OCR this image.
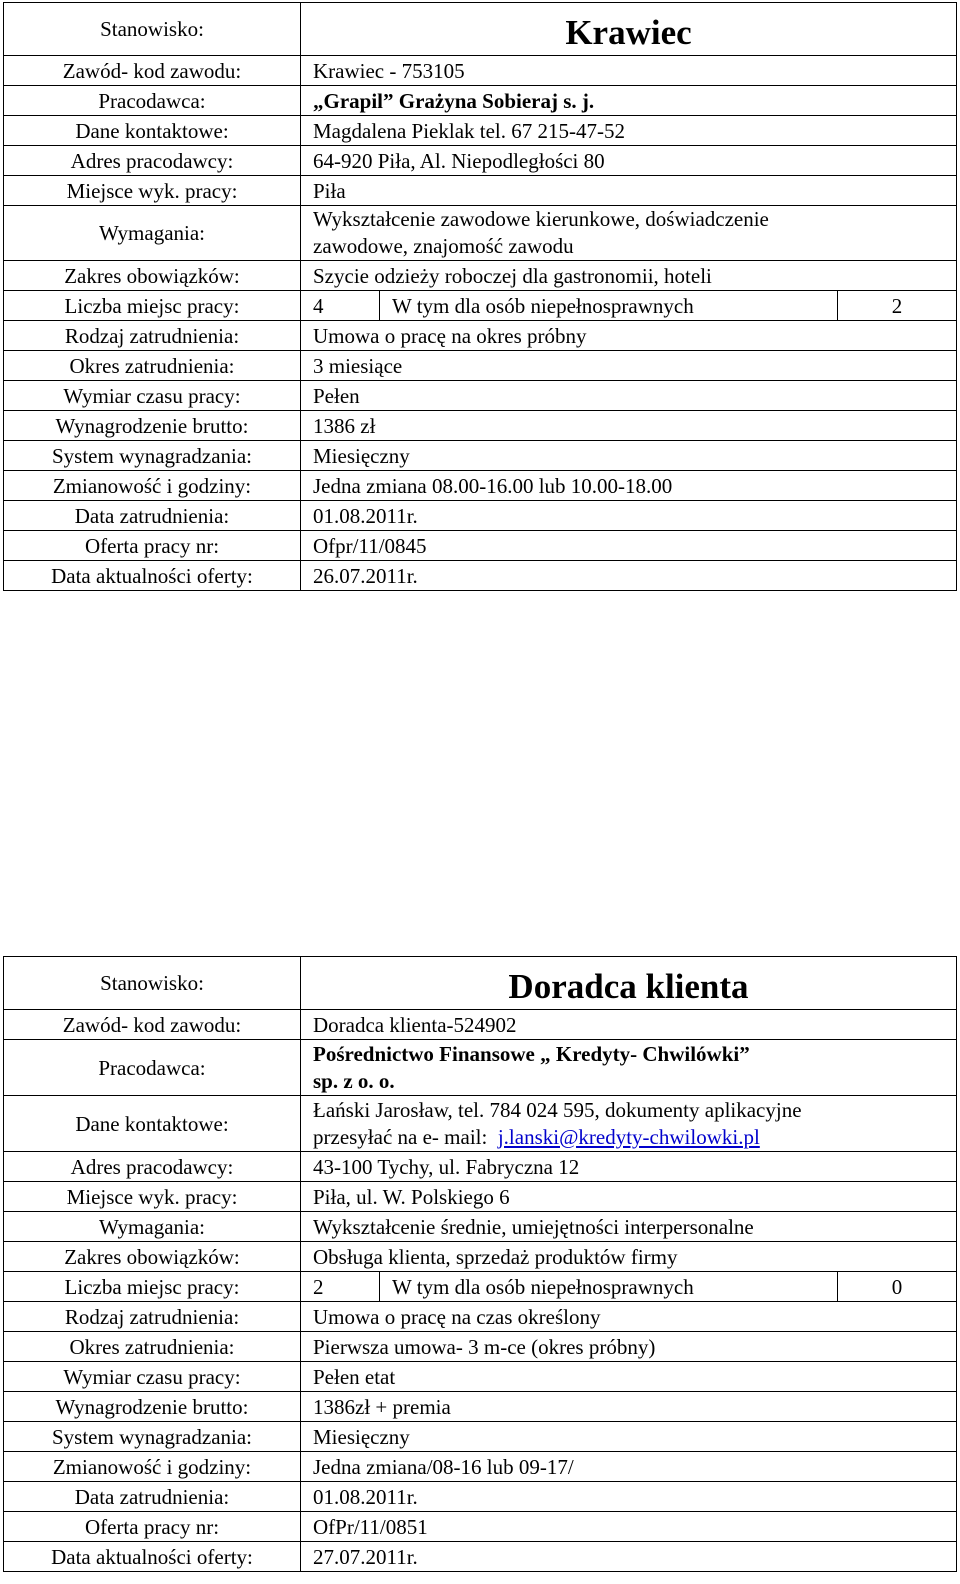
Stanowisko:	Krawiec
Zawód- kod zawodu:	Krawiec - 753105
Pracodawca:	„Grapil” Grażyna Sobieraj s. j.
Dane kontaktowe:	Magdalena Pieklak tel. 67 215-47-52
Adres pracodawcy:	64-920 Piła, Al. Niepodległości 80
Miejsce wyk. pracy:	Piła
Wymagania:	
Wykształcenie zawodowe kierunkowe, doświadczenie
zawodowe, znajomość zawodu

Zakres obowiązków:	Szycie odzieży roboczej dla gastronomii, hoteli
Liczba miejsc pracy:		4	W tym dla osób niepełnosprawnych	2

Rodzaj zatrudnienia:	Umowa o pracę na okres próbny
Okres zatrudnienia:	3 miesiące
Wymiar czasu pracy:	Pełen
Wynagrodzenie brutto:	1386 zł
System wynagradzania:	Miesięczny
Zmianowość i godziny:	Jedna zmiana 08.00-16.00 lub 10.00-18.00
Data zatrudnienia:	01.08.2011r.
Oferta pracy nr:	Ofpr/11/0845
Data aktualności oferty:	26.07.2011r.
Stanowisko:	Doradca klienta
Zawód- kod zawodu:	Doradca klienta-524902
Pracodawca:	
Pośrednictwo Finansowe „ Kredyty- Chwilówki”
sp. z o. o.

Dane kontaktowe:	
Łański Jarosław, tel. 784 024 595, dokumenty aplikacyjne
przesyłać na e- mail: j.lanski@kredyty-chwilowki.pl

Adres pracodawcy:	43-100 Tychy, ul. Fabryczna 12
Miejsce wyk. pracy:	Piła, ul. W. Polskiego 6
Wymagania:	Wykształcenie średnie, umiejętności interpersonalne
Zakres obowiązków:	Obsługa klienta, sprzedaż produktów firmy
Liczba miejsc pracy:		2	W tym dla osób niepełnosprawnych	0

Rodzaj zatrudnienia:	Umowa o pracę na czas określony
Okres zatrudnienia:	Pierwsza umowa- 3 m-ce (okres próbny)
Wymiar czasu pracy:	Pełen etat
Wynagrodzenie brutto:	1386zł + premia
System wynagradzania:	Miesięczny
Zmianowość i godziny:	Jedna zmiana/08-16 lub 09-17/
Data zatrudnienia:	01.08.2011r.
Oferta pracy nr:	OfPr/11/0851
Data aktualności oferty:	27.07.2011r.
